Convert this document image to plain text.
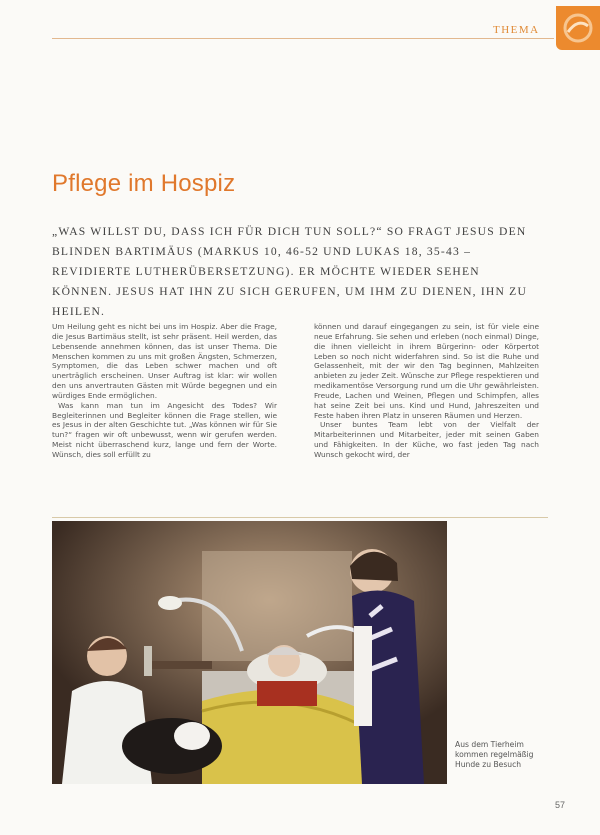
THEMA
Pflege im Hospiz
„WAS WILLST DU, DASS ICH FÜR DICH TUN SOLL?“ SO FRAGT JESUS DEN BLINDEN BARTIMÄUS (MARKUS 10, 46-52 UND LUKAS 18, 35-43 – REVIDIERTE LUTHERÜBERSETZUNG). ER MÖCHTE WIEDER SEHEN KÖNNEN. JESUS HAT IHN ZU SICH GERUFEN, UM IHM ZU DIENEN, IHN ZU HEILEN.

Um Heilung geht es nicht bei uns im Hospiz. Aber die Frage, die Jesus Bartimäus stellt, ist sehr präsent. Heil werden, das Lebensende annehmen können, das ist unser Thema. Die Menschen kommen zu uns mit großen Ängsten, Schmerzen, Symptomen, die das Leben schwer machen und oft unerträglich erscheinen. Unser Auftrag ist klar: wir wollen den uns anvertrauten Gästen mit Würde begegnen und ein würdiges Ende ermöglichen.

Was kann man tun im Angesicht des Todes? Wir Begleiterinnen und Begleiter können die Frage stellen, wie es Jesus in der alten Geschichte tut. „Was können wir für Sie tun?“ fragen wir oft unbewusst, wenn wir gerufen werden. Meist nicht überraschend kurz, lange und fern der Worte. Wünsch, dies soll erfüllt zu

können und darauf eingegangen zu sein, ist für viele eine neue Erfahrung. Sie sehen und erleben (noch einmal) Dinge, die ihnen vielleicht in ihrem Bürgerinn- oder Körpertot Leben so noch nicht widerfahren sind. So ist die Ruhe und Gelassenheit, mit der wir den Tag beginnen, Mahlzeiten anbieten zu jeder Zeit. Wünsche zur Pflege respektieren und medikamentöse Versorgung rund um die Uhr gewährleisten. Freude, Lachen und Weinen, Pflegen und Schimpfen, alles hat seine Zeit bei uns. Kind und Hund, Jahreszeiten und Feste haben ihren Platz in unseren Räumen und Herzen.

Unser buntes Team lebt von der Vielfalt der Mitarbeiterinnen und Mitarbeiter, jeder mit seinen Gaben und Fähigkeiten. In der Küche, wo fast jeden Tag nach Wunsch gekocht wird, der

Aus dem Tierheim kommen regelmäßig Hunde zu Besuch
57
